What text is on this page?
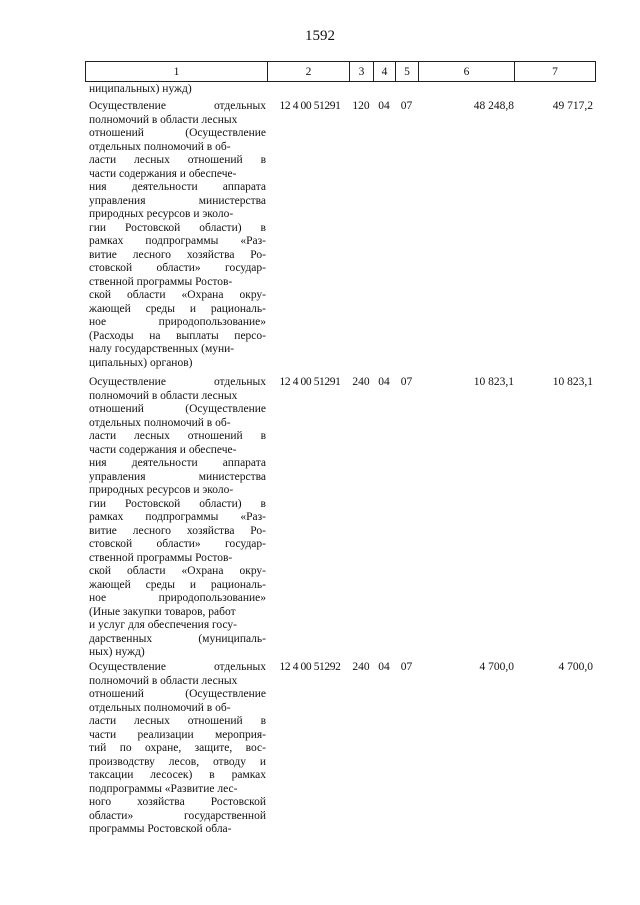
1592
1	2	3	4	5	6	7
ниципальных) нужд)
Осуществление отдельных
полномочий в области лесных
отношений (Осуществление
отдельных полномочий в об-
ласти лесных отношений в
части содержания и обеспече-
ния деятельности аппарата
управления министерства
природных ресурсов и эколо-
гии Ростовской области) в
рамках подпрограммы «Раз-
витие лесного хозяйства Ро-
стовской области» государ-
ственной программы Ростов-
ской области «Охрана окру-
жающей среды и рациональ-
ное природопользование»
(Расходы на выплаты персо-
налу государственных (муни-
ципальных) органов)
12 4 00 51291	120 04 07	48 248,8	49 717,2
Осуществление отдельных
полномочий в области лесных
отношений (Осуществление
отдельных полномочий в об-
ласти лесных отношений в
части содержания и обеспече-
ния деятельности аппарата
управления министерства
природных ресурсов и эколо-
гии Ростовской области) в
рамках подпрограммы «Раз-
витие лесного хозяйства Ро-
стовской области» государ-
ственной программы Ростов-
ской области «Охрана окру-
жающей среды и рациональ-
ное природопользование»
(Иные закупки товаров, работ
и услуг для обеспечения госу-
дарственных (муниципаль-
ных) нужд)
12 4 00 51291	240 04 07	10 823,1	10 823,1
Осуществление отдельных
полномочий в области лесных
отношений (Осуществление
отдельных полномочий в об-
ласти лесных отношений в
части реализации мероприя-
тий по охране, защите, вос-
производству лесов, отводу и
таксации лесосек) в рамках
подпрограммы «Развитие лес-
ного хозяйства Ростовской
области» государственной
программы Ростовской обла-
12 4 00 51292	240 04 07	4 700,0	4 700,0
